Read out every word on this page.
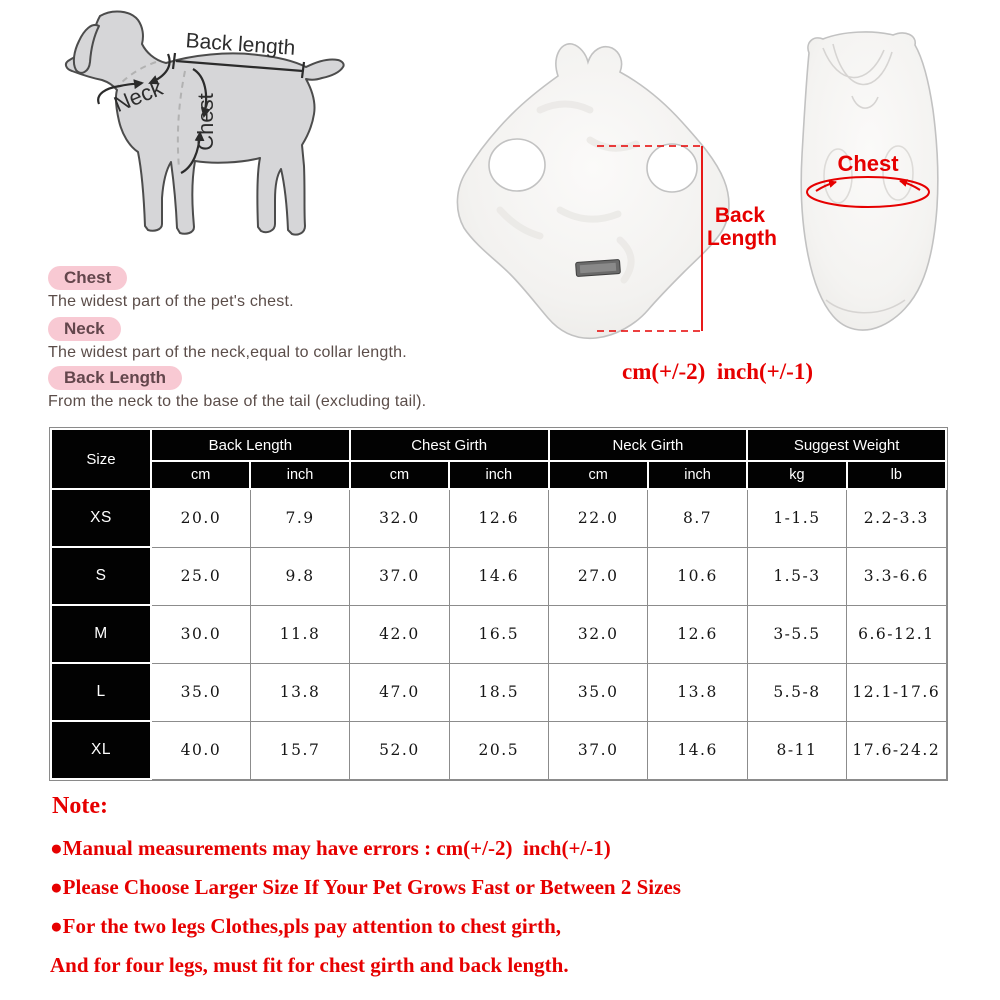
Back length
Neck Chest
Back
Length
Chest
Chest
The widest part of the pet's chest.
Neck
The widest part of the neck,equal to collar length.
Back Length
From the neck to the base of the tail (excluding tail).
cm(+/-2)  inch(+/-1)
Size	Back Length		Chest Girth		Neck Girth		Suggest Weight	
	cm	inch	cm	inch	cm	inch	kg	lb
XS	20.0	7.9	32.0	12.6	22.0	8.7	1-1.5	2.2-3.3
S	25.0	9.8	37.0	14.6	27.0	10.6	1.5-3	3.3-6.6
M	30.0	11.8	42.0	16.5	32.0	12.6	3-5.5	6.6-12.1
L	35.0	13.8	47.0	18.5	35.0	13.8	5.5-8	12.1-17.6
XL	40.0	15.7	52.0	20.5	37.0	14.6	8-11	17.6-24.2
Note:
●Manual measurements may have errors : cm(+/-2)  inch(+/-1)
●Please Choose Larger Size If Your Pet Grows Fast or Between 2 Sizes
●For the two legs Clothes,pls pay attention to chest girth,
And for four legs, must fit for chest girth and back length.
